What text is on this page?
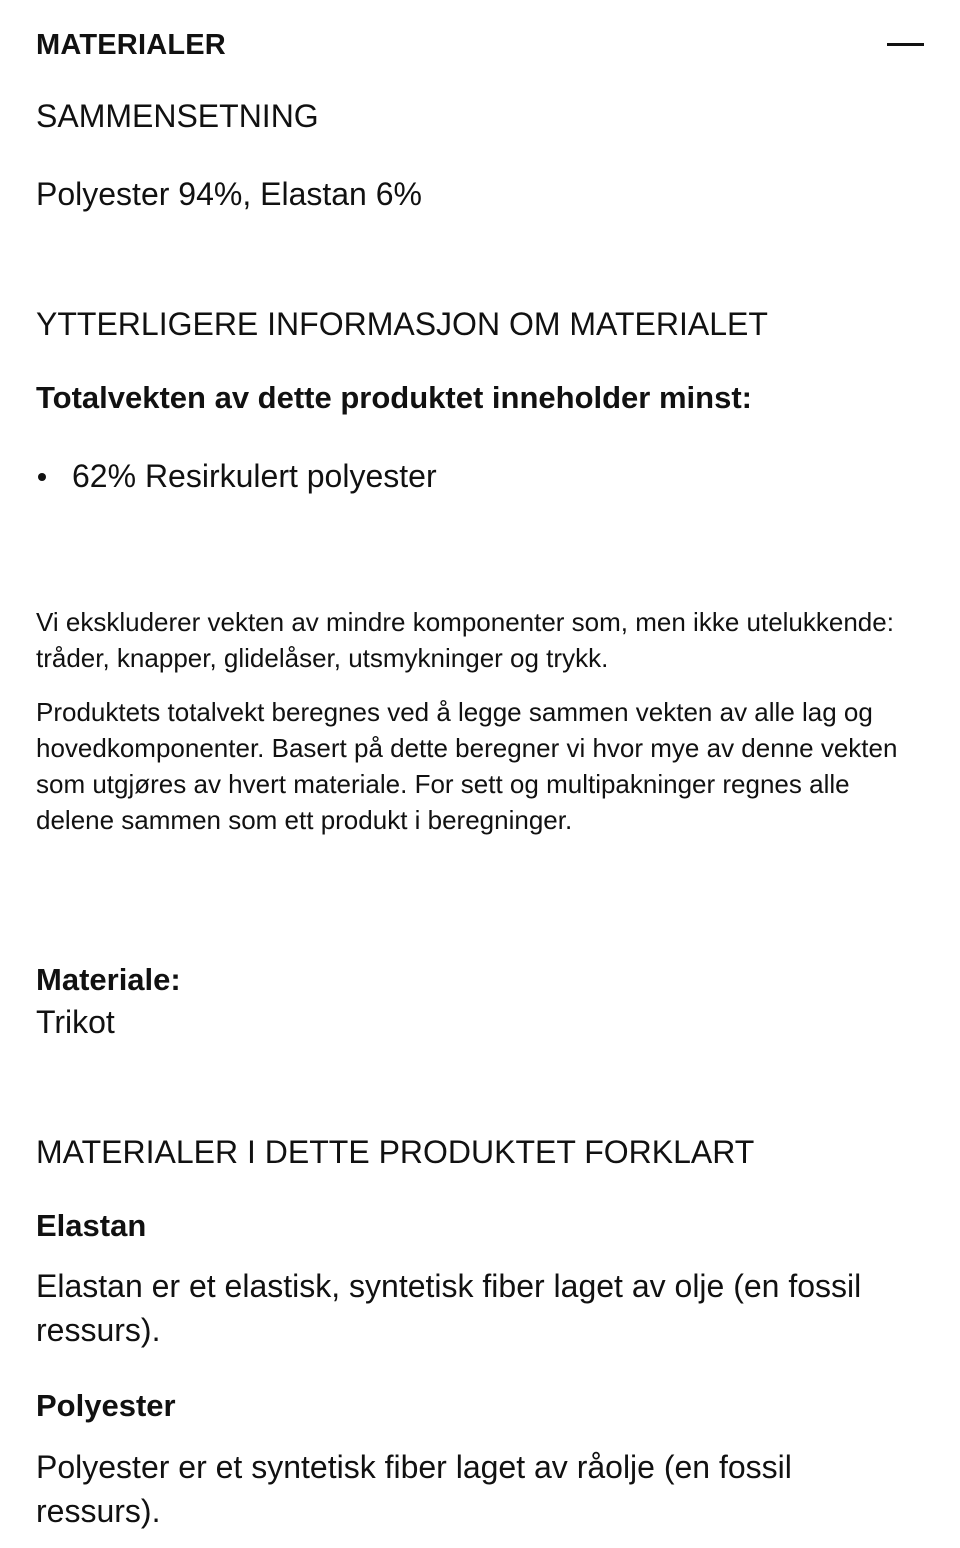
MATERIALER
SAMMENSETNING

Polyester 94%, Elastan 6%

YTTERLIGERE INFORMASJON OM MATERIALET

Totalvekten av dette produktet inneholder minst:

62% Resirkulert polyester

Vi ekskluderer vekten av mindre komponenter som, men ikke utelukkende: tråder, knapper, glidelåser, utsmykninger og trykk.

Produktets totalvekt beregnes ved å legge sammen vekten av alle lag og hovedkomponenter. Basert på dette beregner vi hvor mye av denne vekten som utgjøres av hvert materiale. For sett og multipakninger regnes alle delene sammen som ett produkt i beregninger.

Materiale:

Trikot

MATERIALER I DETTE PRODUKTET FORKLART

Elastan

Elastan er et elastisk, syntetisk fiber laget av olje (en fossil ressurs).

Polyester

Polyester er et syntetisk fiber laget av råolje (en fossil ressurs).
